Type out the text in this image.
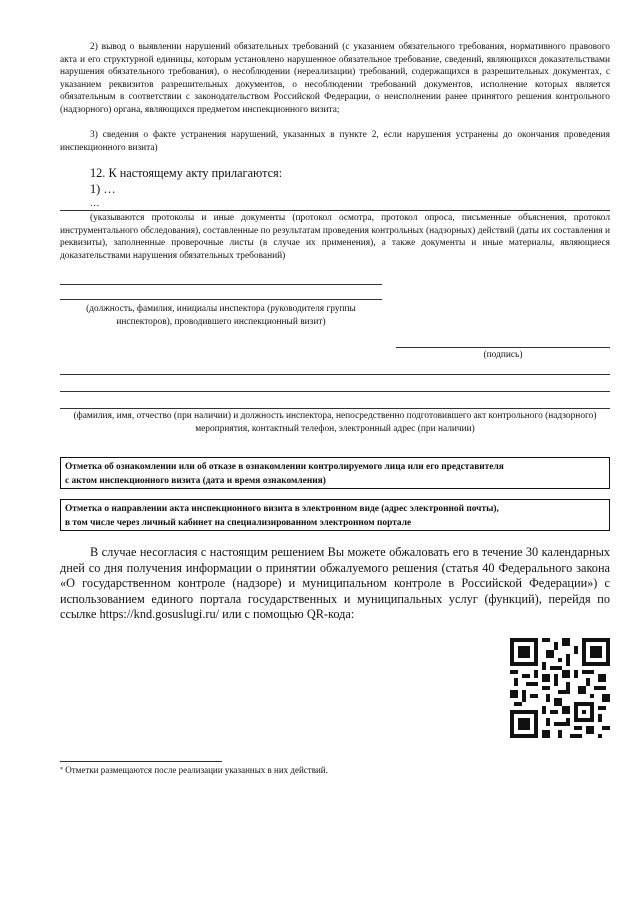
2) вывод о выявлении нарушений обязательных требований (с указанием обязательного требования, нормативного правового акта и его структурной единицы, которым установлено нарушенное обязательное требование, сведений, являющихся доказательствами нарушения обязательного требования), о несоблюдении (нереализации) требований, содержащихся в разрешительных документах, с указанием реквизитов разрешительных документов, о несоблюдении требований документов, исполнение которых является обязательным в соответствии с законодательством Российской Федерации, о неисполнении ранее принятого решения контрольного (надзорного) органа, являющихся предметом инспекционного визита;

3) сведения о факте устранения нарушений, указанных в пункте 2, если нарушения устранены до окончания проведения инспекционного визита)

12. К настоящему акту прилагаются:
1) …
…

(указываются протоколы и иные документы (протокол осмотра, протокол опроса, письменные объяснения, протокол инструментального обследования), составленные по результатам проведения контрольных (надзорных) действий (даты их составления и реквизиты), заполненные проверочные листы (в случае их применения), а также документы и иные материалы, являющиеся доказательствами нарушения обязательных требований)

(должность, фамилия, инициалы инспектора (руководителя группы инспекторов), проводившего инспекционный визит)

(подпись)

(фамилия, имя, отчество (при наличии) и должность инспектора, непосредственно подготовившего акт контрольного (надзорного) мероприятия, контактный телефон, электронный адрес (при наличии)

Отметка об ознакомлении или об отказе в ознакомлении контролируемого лица или его представителя
с актом инспекционного визита (дата и время ознакомления)
Отметка о направлении акта инспекционного визита в электронном виде (адрес электронной почты),
в том числе через личный кабинет на специализированном электронном портале

В случае несогласия с настоящим решением Вы можете обжаловать его в течение 30 календарных дней со дня получения информации о принятии обжалуемого решения (статья 40 Федерального закона «О государственном контроле (надзоре) и муниципальном контроле в Российской Федерации») с использованием единого портала государственных и муниципальных услуг (функций), перейдя по ссылке https://knd.gosuslugi.ru/ или с помощью QR-кода:

* Отметки размещаются после реализации указанных в них действий.
